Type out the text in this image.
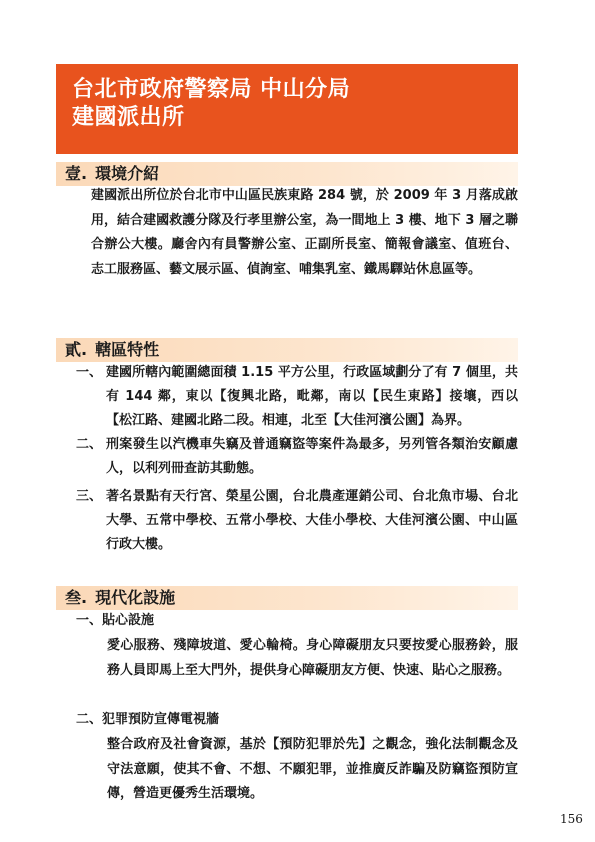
台北市政府警察局 中山分局
建國派出所
壹. 環境介紹
建國派出所位於台北市中山區民族東路 284 號，於 2009 年 3 月落成啟用，結合建國救護分隊及行孝里辦公室，為一間地上 3 樓、地下 3 層之聯合辦公大樓。廳舍內有員警辦公室、正副所長室、簡報會議室、值班台、志工服務區、藝文展示區、偵詢室、哺集乳室、鐵馬驛站休息區等。
貳. 轄區特性
一、 建國所轄內範圍總面積 1.15 平方公里，行政區域劃分了有 7 個里，共有 144 鄰，東以【復興北路，毗鄰，南以【民生東路】接壤，西以【松江路、建國北路二段。相連，北至【大佳河濱公園】為界。
二、 刑案發生以汽機車失竊及普通竊盜等案件為最多，另列管各類治安顧慮人，以利列冊查訪其動態。
三、 著名景點有天行宮、榮星公園，台北農產運銷公司、台北魚市場、台北大學、五常中學校、五常小學校、大佳小學校、大佳河濱公園、中山區行政大樓。
叁. 現代化設施
一、貼心設施
愛心服務、殘障坡道、愛心輪椅。身心障礙朋友只要按愛心服務鈴，服務人員即馬上至大門外，提供身心障礙朋友方便、快速、貼心之服務。
二、犯罪預防宣傳電視牆
整合政府及社會資源，基於【預防犯罪於先】之觀念，強化法制觀念及守法意願，使其不會、不想、不願犯罪，並推廣反詐騙及防竊盜預防宣傳，營造更優秀生活環境。
156
